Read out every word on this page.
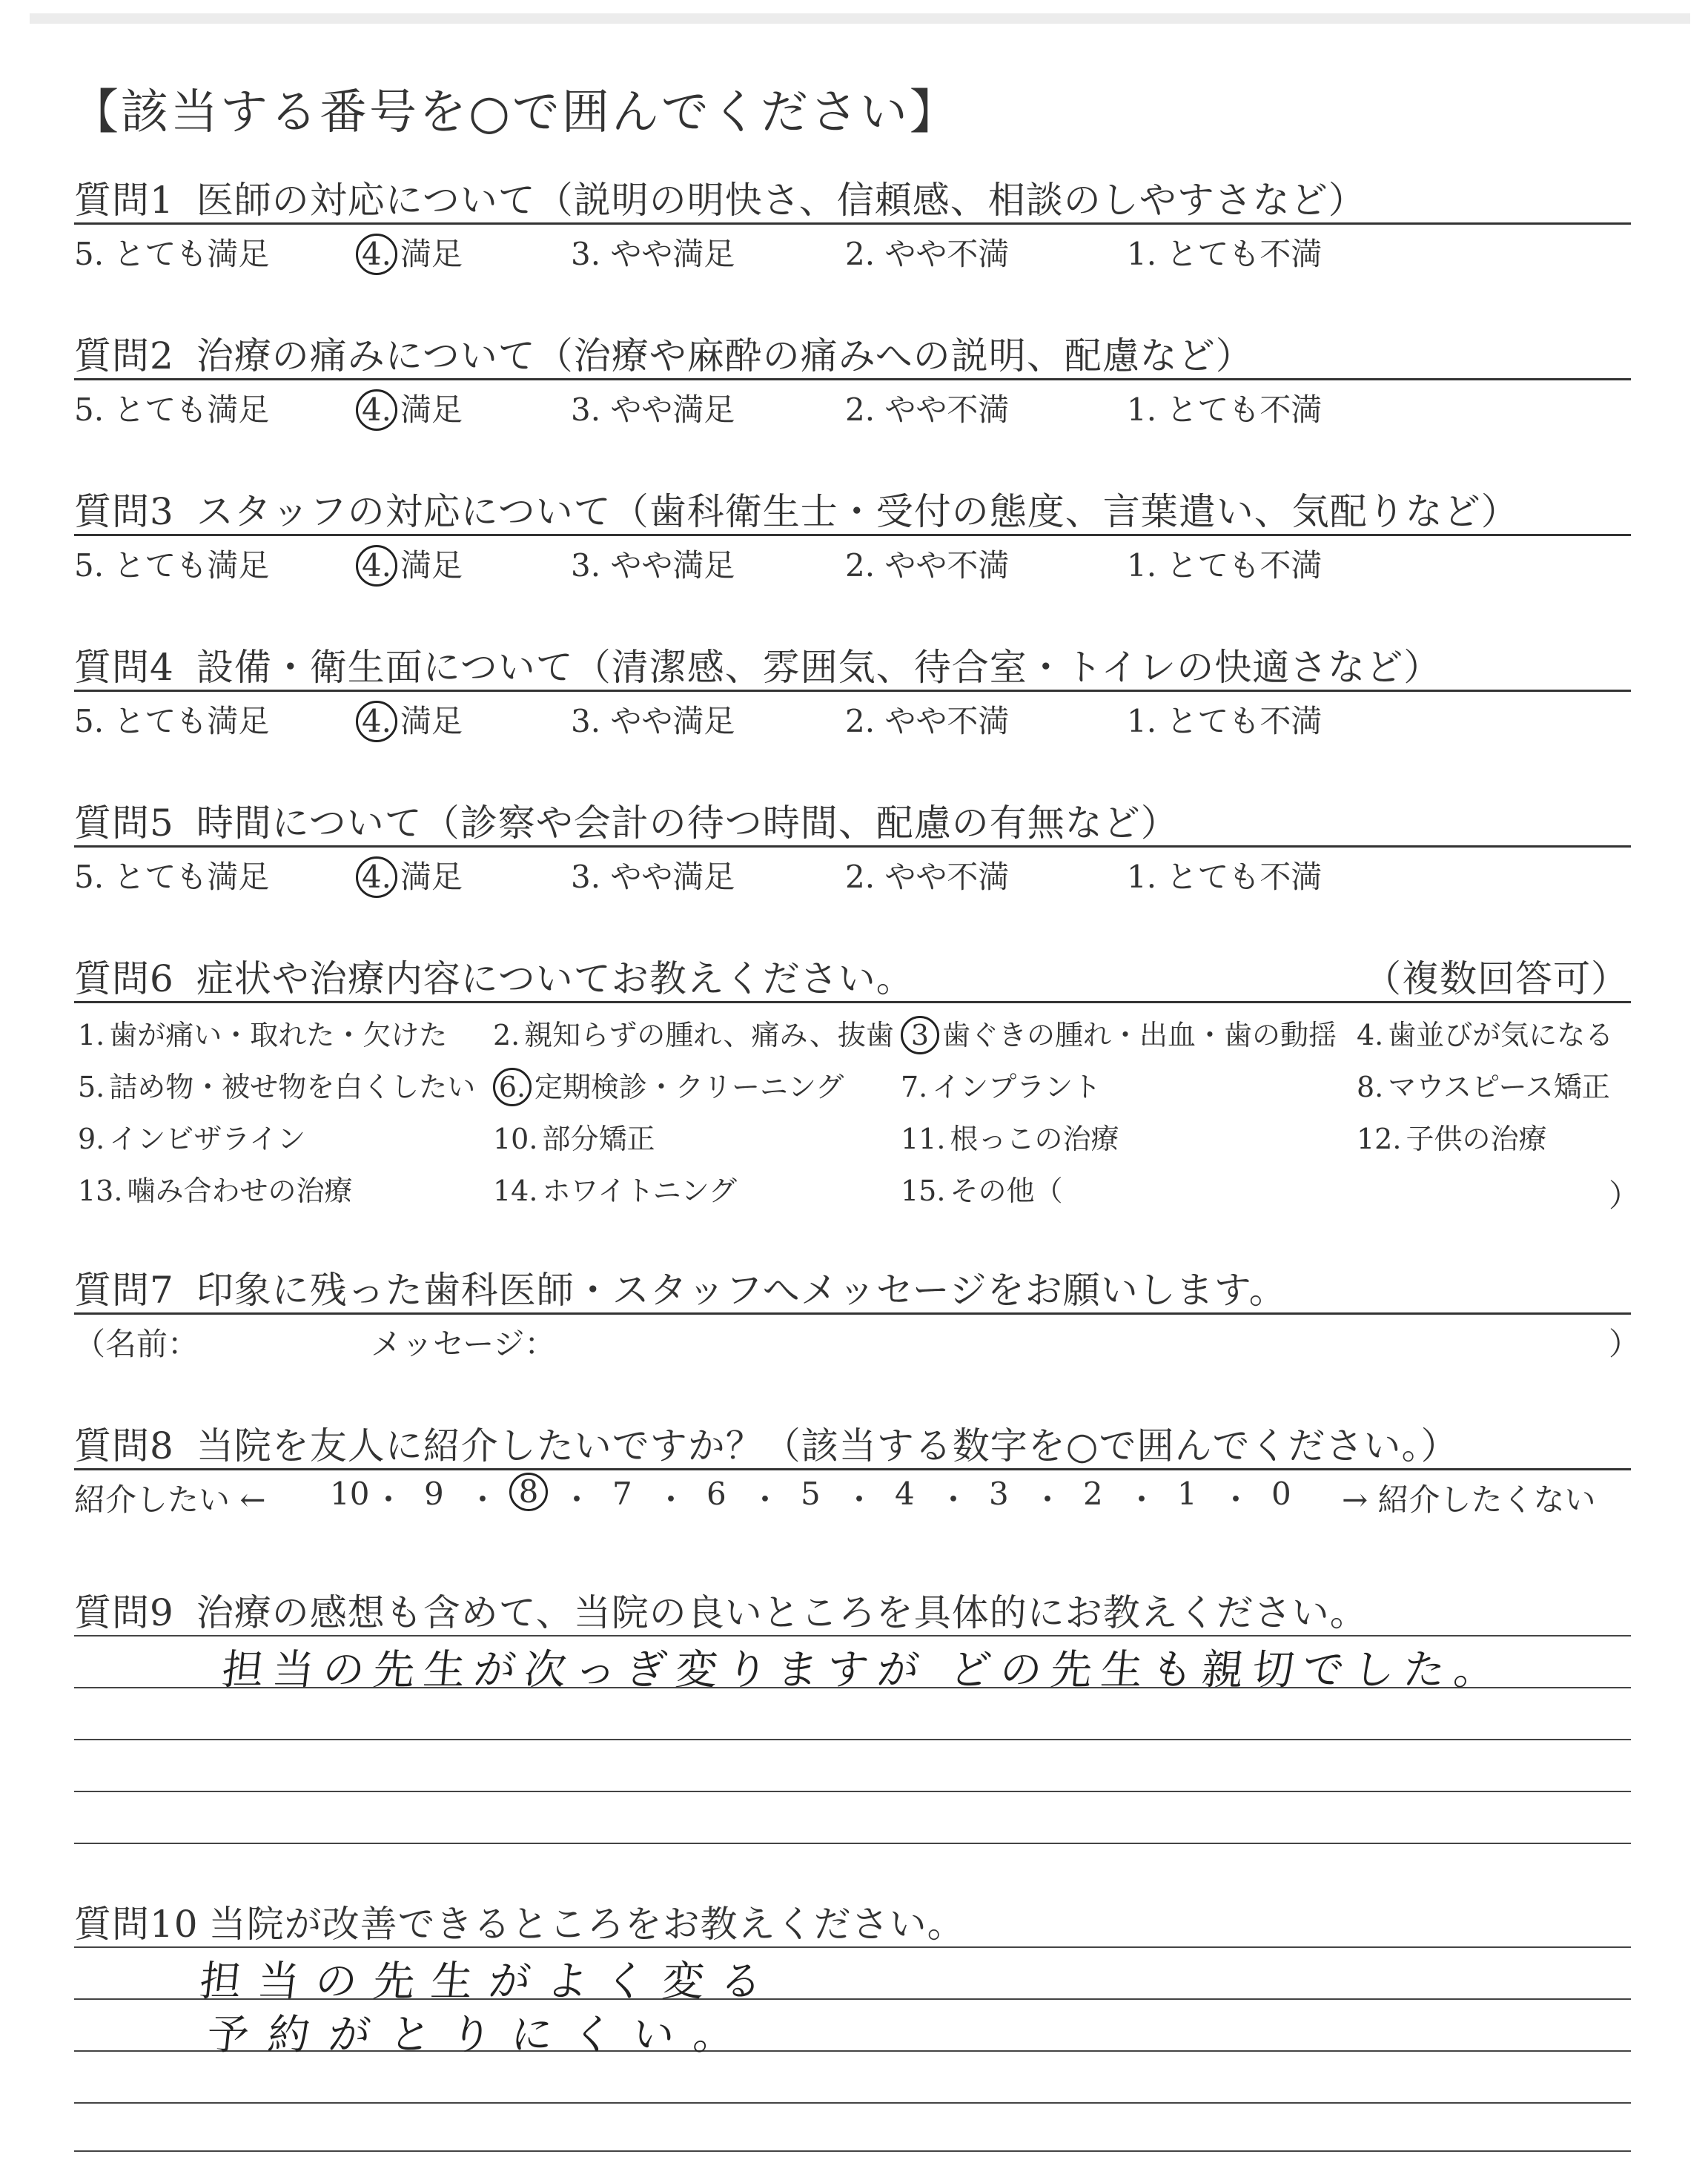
【該当する番号を○で囲んでください】
質問1 医師の対応について（説明の明快さ、信頼感、相談のしやすさなど）
5. とても満足	4. 満足	3. やや満足	2. やや不満	1. とても不満
質問2 治療の痛みについて（治療や麻酔の痛みへの説明、配慮など）
5. とても満足	4. 満足	3. やや満足	2. やや不満	1. とても不満
質問3 スタッフの対応について（歯科衛生士・受付の態度、言葉遣い、気配りなど）
5. とても満足	4. 満足	3. やや満足	2. やや不満	1. とても不満
質問4 設備・衛生面について（清潔感、雰囲気、待合室・トイレの快適さなど）
5. とても満足	4. 満足	3. やや満足	2. やや不満	1. とても不満
質問5 時間について（診察や会計の待つ時間、配慮の有無など）
5. とても満足	4. 満足	3. やや満足	2. やや不満	1. とても不満
質問6 症状や治療内容についてお教えください。	（複数回答可）
1. 歯が痛い・取れた・欠けた 2. 親知らずの腫れ、痛み、抜歯 3 歯ぐきの腫れ・出血・歯の動揺 4. 歯並びが気になる
5. 詰め物・被せ物を白くしたい 6. 定期検診・クリーニング 7. インプラント	8. マウスピース矯正
9. インビザライン	10. 部分矯正	11. 根っこの治療	12. 子供の治療
13. 噛み合わせの治療	14. ホワイトニング	15. その他（	）
質問7 印象に残った歯科医師・スタッフへメッセージをお願いします。
（名前：	メッセージ：	）
質問8 当院を友人に紹介したいですか？（該当する数字を○で囲んでください。）
紹介したい ← 10 ・ 9 ・ 8 ・ 7 ・ 6 ・ 5 ・ 4 ・ 3 ・ 2 ・ 1 ・ 0 → 紹介したくない
質問9 治療の感想も含めて、当院の良いところを具体的にお教えください。
担当の先生が次っぎ変りますが どの先生も親切でした。
質問10 当院が改善できるところをお教えください。
担当の先生がよく変る
予約がとりにくい。
